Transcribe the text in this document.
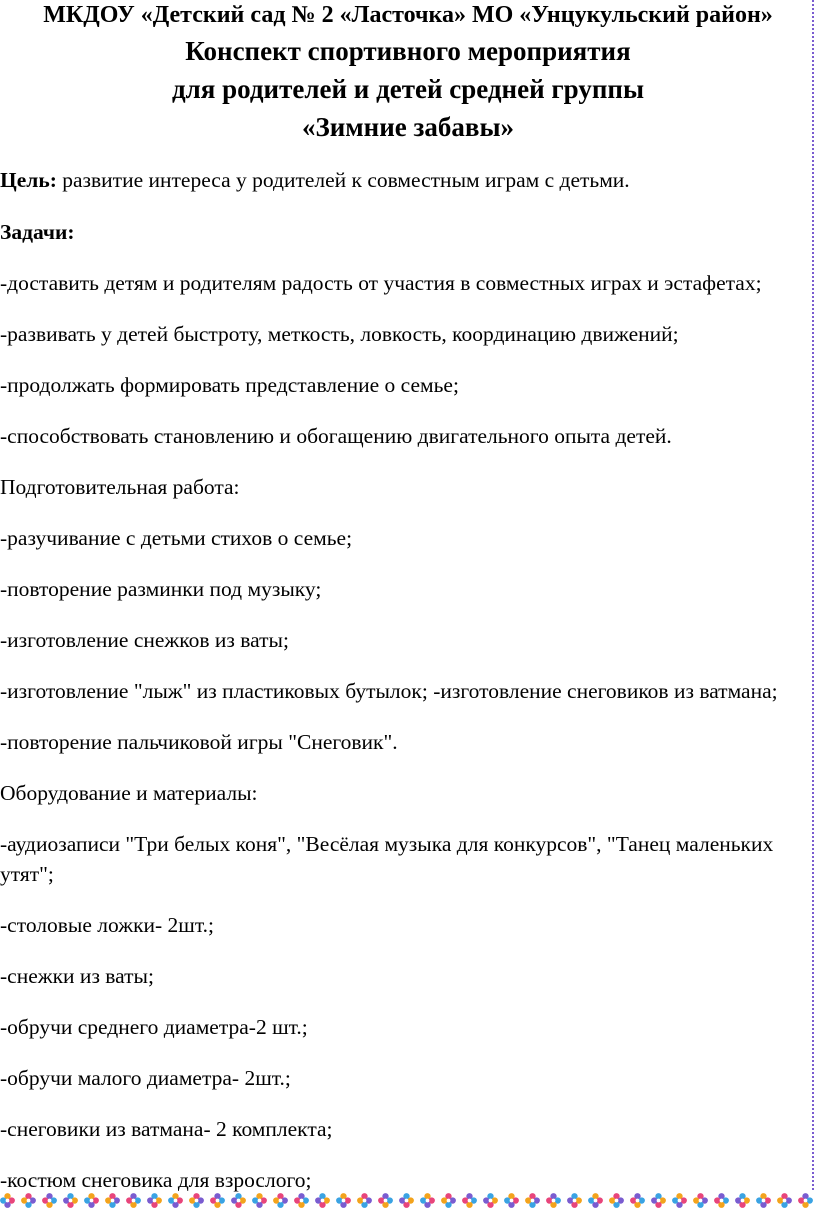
МКДОУ «Детский сад № 2 «Ласточка» МО «Унцукульский район»
Конспект спортивного мероприятия
для родителей и детей средней группы
«Зимние забавы»
Цель: развитие интереса у родителей к совместным играм с детьми.
Задачи:
-доставить детям и родителям радость от участия в совместных играх и эстафетах;
-развивать у детей быстроту, меткость, ловкость, координацию движений;
-продолжать формировать представление о семье;
-способствовать становлению и обогащению двигательного опыта детей.
Подготовительная работа:
-разучивание с детьми стихов о семье;
-повторение разминки под музыку;
-изготовление снежков из ваты;
-изготовление "лыж" из пластиковых бутылок; -изготовление снеговиков из ватмана;
-повторение пальчиковой игры "Снеговик".
Оборудование и материалы:
-аудиозаписи "Три белых коня", "Весёлая музыка для конкурсов", "Танец маленьких утят";
-столовые ложки- 2шт.;
-снежки из ваты;
-обручи среднего диаметра-2 шт.;
-обручи малого диаметра- 2шт.;
-снеговики из ватмана- 2 комплекта;
-костюм снеговика для взрослого;
